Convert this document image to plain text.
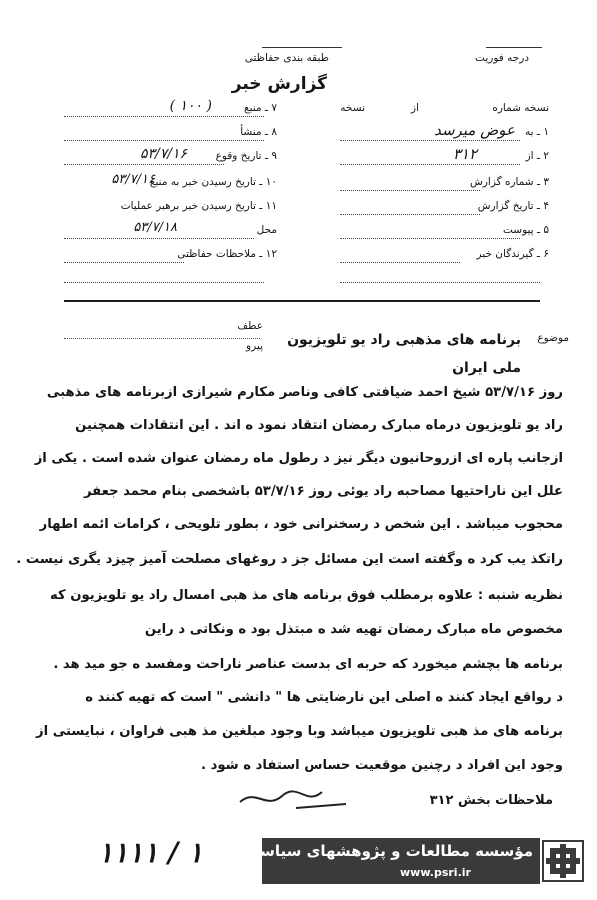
درجه فوریت
طبقه بندی حفاظتی
گزارش خبر
نسخه شماره
از
نسخه
۱ ـ به
عوض میرسد
۲ ـ از
۳۱۲
۳ ـ شماره گزارش
۴ ـ تاریخ گزارش
۵ ـ پیوست
۶ ـ گیرندگان خبر
۷ ـ منبع
( ۱۰۰ )
۸ ـ منشأ
۹ ـ تاریخ وقوع
۵۳/۷/۱۶
۱۰ ـ تاریخ رسیدن خبر به منبع
۵۳/۷/۱۶
۱۱ ـ تاریخ رسیدن خبر برهبر عملیات
محل
۵۳/۷/۱۸
۱۲ ـ ملاحظات حفاظتی
موضوع
برنامه های مذهبی راد یو تلویزیون ملی ایران
عطف
پیرو
روز ۵۳/۷/۱۶ شیخ احمد ضیافتی کافی وناصر مکارم شیرازی ازبرنامه های مذهبی
راد یو تلویزیون درماه مبارک رمضان انتقاد نمود ه اند . این انتقادات همچنین
ازجانب پاره ای ازروحانیون دیگر نیز د رطول ماه رمضان عنوان شده است . یکی از
علل این ناراحتیها مصاحبه راد یوئی روز ۵۳/۷/۱۶ باشخصی بنام محمد جعفر
محجوب میباشد . این شخص د رسخنرانی خود ، بطور تلویحی ، کرامات ائمه اطهار
راتکذ یب کرد ه وگفته است این مسائل جز د روغهای مصلحت آمیز چیزد یگری نیست .
نظریه شنبه : علاوه برمطلب فوق برنامه های مذ هبی امسال راد یو تلویزیون که
مخصوص ماه مبارک رمضان تهیه شد ه مبتذل بود ه ونکاتی د راین
برنامه ها بچشم میخورد که حربه ای بدست عناصر ناراحت ومفسد ه جو مید هد .
د رواقع ایجاد کنند ه اصلی این نارضایتی ها " دانشی " است که تهیه کنند ه
برنامه های مذ هبی تلویزیون میباشد وبا وجود مبلغین مذ هبی فراوان ، نبایستی از
وجود این افراد د رچنین موقعیت حساس استفاد ه شود .
ملاحظات بخش ۳۱۲
۱۱۱۱ / ۱	مؤسسه مطالعات و پژوهشهای سیاسی
www.psri.ir
